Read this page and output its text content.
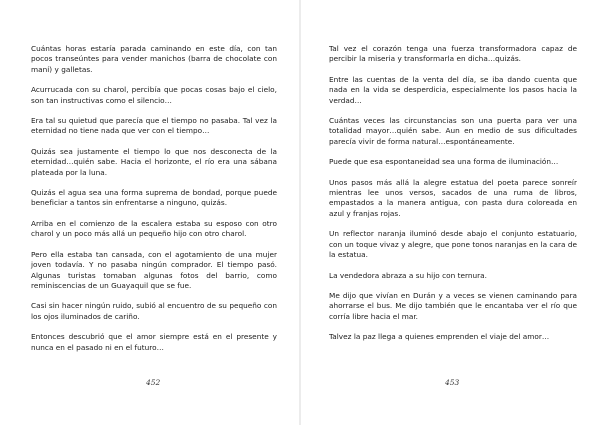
Cuántas horas estaría parada caminando en este día, con tan pocos transeúntes para vender manichos (barra de chocolate con maní) y galletas.

Acurrucada con su charol, percibía que pocas cosas bajo el cielo, son tan instructivas como el silencio…

Era tal su quietud que parecía que el tiempo no pasaba. Tal vez la eternidad no tiene nada que ver con el tiempo…

Quizás sea justamente el tiempo lo que nos desconecta de la eternidad…quién sabe. Hacia el horizonte, el río era una sábana plateada por la luna.

Quizás el agua sea una forma suprema de bondad, porque puede beneficiar a tantos sin enfrentarse a ninguno, quizás.

Arriba en el comienzo de la escalera estaba su esposo con otro charol y un poco más allá un pequeño hijo con otro charol.

Pero ella estaba tan cansada, con el agotamiento de una mujer joven todavía. Y no pasaba ningún comprador. El tiempo pasó. Algunas turistas tomaban algunas fotos del barrio, como reminiscencias de un Guayaquil que se fue.

Casi sin hacer ningún ruido, subió al encuentro de su pequeño con los ojos iluminados de cariño.

Entonces descubrió que el amor siempre está en el presente y nunca en el pasado ni en el futuro…

Tal vez el corazón tenga una fuerza transformadora capaz de percibir la miseria y transformarla en dicha…quizás.

Entre las cuentas de la venta del día, se iba dando cuenta que nada en la vida se desperdicia, especialmente los pasos hacia la verdad…

Cuántas veces las circunstancias son una puerta para ver una totalidad mayor…quién sabe. Aun en medio de sus dificultades parecía vivir de forma natural…espontáneamente.

Puede que esa espontaneidad sea una forma de iluminación…

Unos pasos más allá la alegre estatua del poeta parece sonreír mientras lee unos versos, sacados de una ruma de libros, empastados a la manera antigua, con pasta dura coloreada en azul y franjas rojas.

Un reflector naranja iluminó desde abajo el conjunto estatuario, con un toque vivaz y alegre, que pone tonos naranjas en la cara de la estatua.

La vendedora abraza a su hijo con ternura.

Me dijo que vivían en Durán y a veces se vienen caminando para ahorrarse el bus. Me dijo también que le encantaba ver el río que corría libre hacia el mar.

Talvez la paz llega a quienes emprenden el viaje del amor…

452	453
